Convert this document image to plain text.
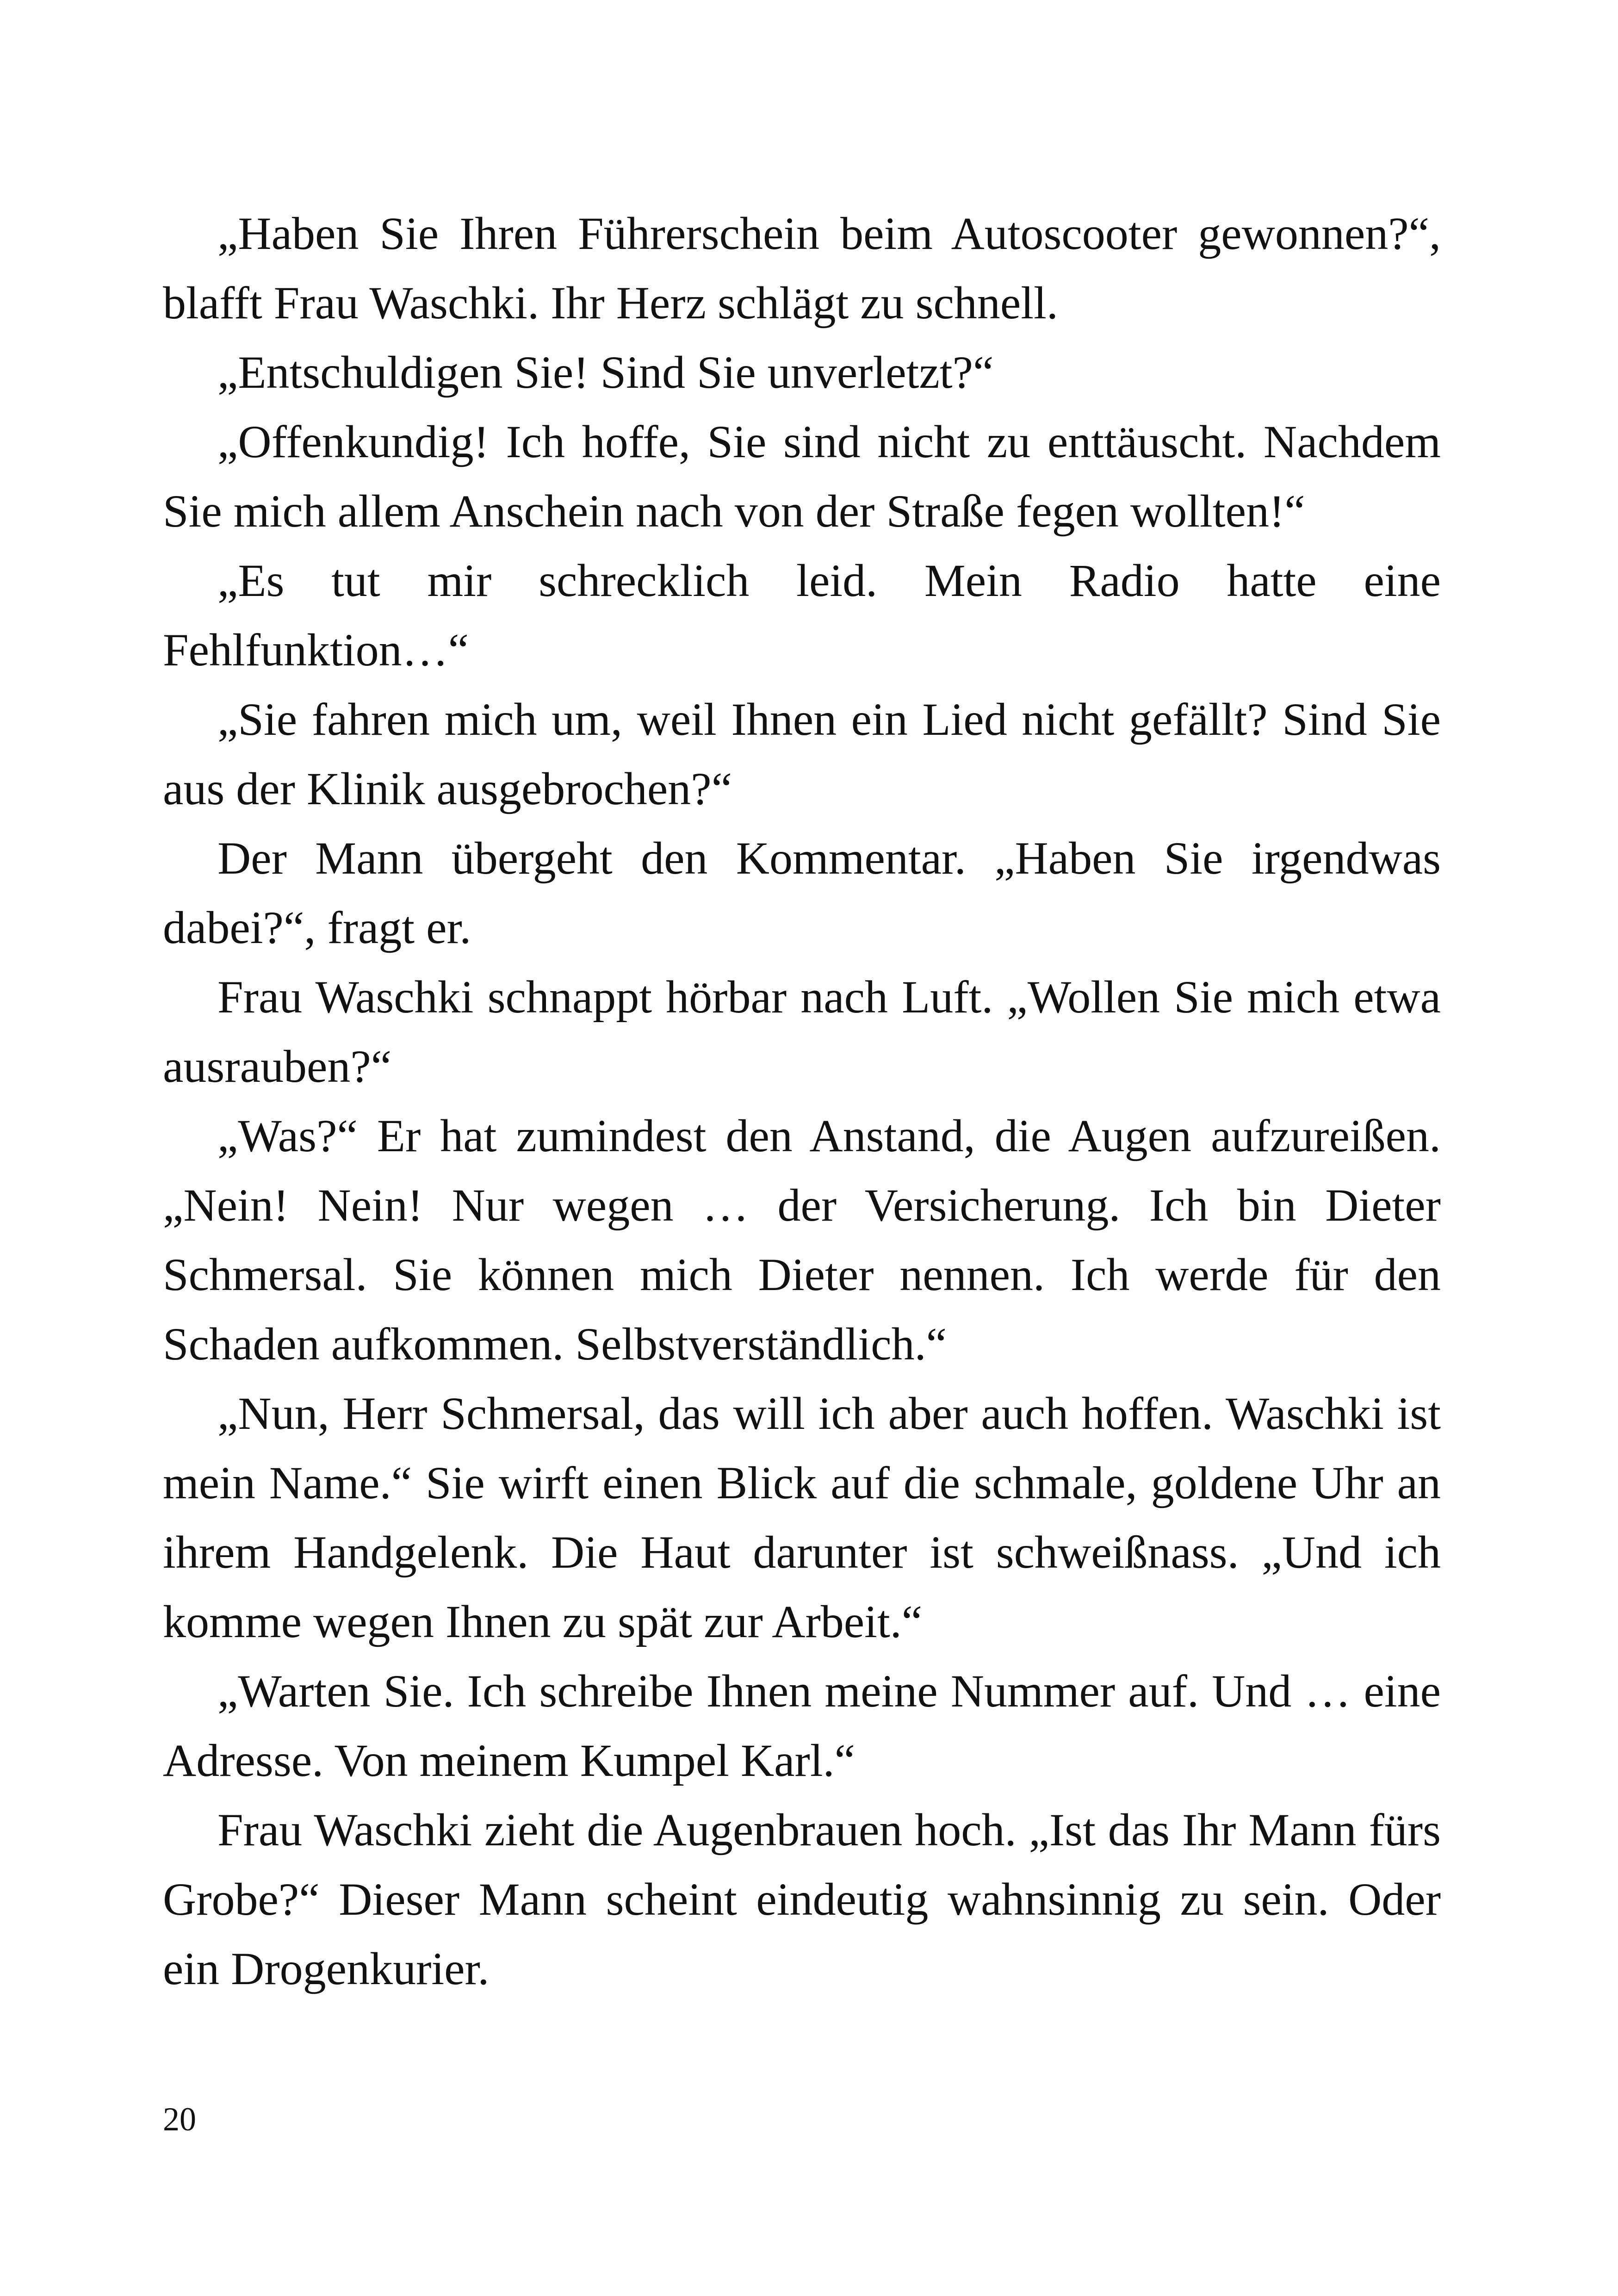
„Haben Sie Ihren Führerschein beim Autoscooter gewonnen?“, blafft Frau Waschki. Ihr Herz schlägt zu schnell.

„Entschuldigen Sie! Sind Sie unverletzt?“

„Offenkundig! Ich hoffe, Sie sind nicht zu enttäuscht. Nachdem Sie mich allem Anschein nach von der Straße fegen wollten!“

„Es tut mir schrecklich leid. Mein Radio hatte eine Fehlfunktion…“

„Sie fahren mich um, weil Ihnen ein Lied nicht gefällt? Sind Sie aus der Klinik ausgebrochen?“

Der Mann übergeht den Kommentar. „Haben Sie irgendwas dabei?“, fragt er.

Frau Waschki schnappt hörbar nach Luft. „Wollen Sie mich etwa ausrauben?“

„Was?“ Er hat zumindest den Anstand, die Augen aufzureißen. „Nein! Nein! Nur wegen … der Versicherung. Ich bin Dieter Schmersal. Sie können mich Dieter nennen. Ich werde für den Schaden aufkommen. Selbstverständlich.“

„Nun, Herr Schmersal, das will ich aber auch hoffen. Waschki ist mein Name.“ Sie wirft einen Blick auf die schmale, goldene Uhr an ihrem Handgelenk. Die Haut darunter ist schweißnass. „Und ich komme wegen Ihnen zu spät zur Arbeit.“

„Warten Sie. Ich schreibe Ihnen meine Nummer auf. Und … eine Adresse. Von meinem Kumpel Karl.“

Frau Waschki zieht die Augenbrauen hoch. „Ist das Ihr Mann fürs Grobe?“ Dieser Mann scheint eindeutig wahnsinnig zu sein. Oder ein Drogenkurier.

20
